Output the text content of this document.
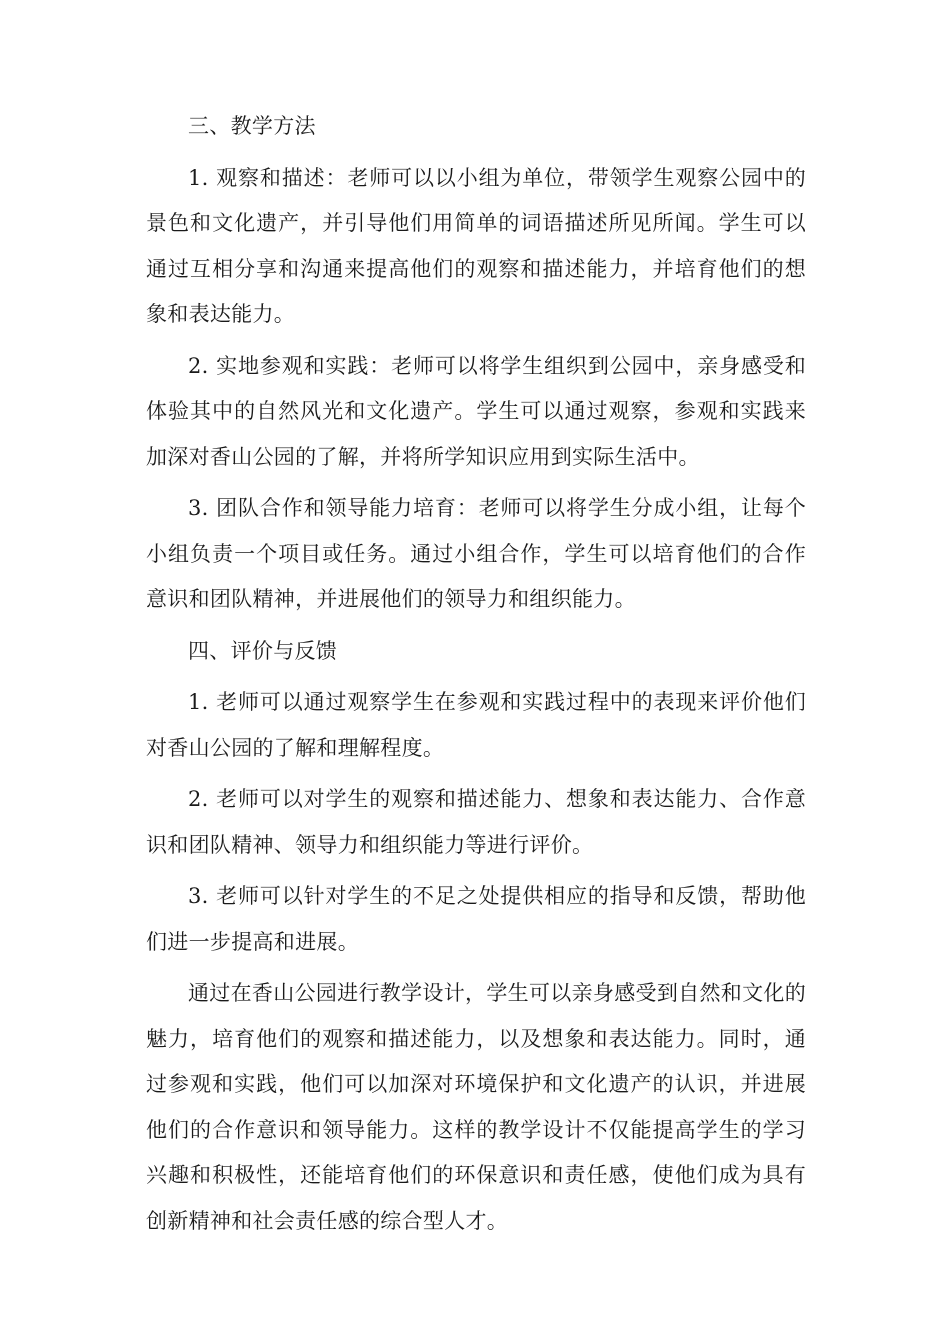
三、教学方法

1. 观察和描述：老师可以以小组为单位，带领学生观察公园中的景色和文化遗产，并引导他们用简单的词语描述所见所闻。学生可以通过互相分享和沟通来提高他们的观察和描述能力，并培育他们的想象和表达能力。

2. 实地参观和实践：老师可以将学生组织到公园中，亲身感受和体验其中的自然风光和文化遗产。学生可以通过观察，参观和实践来加深对香山公园的了解，并将所学知识应用到实际生活中。

3. 团队合作和领导能力培育：老师可以将学生分成小组，让每个小组负责一个项目或任务。通过小组合作，学生可以培育他们的合作意识和团队精神，并进展他们的领导力和组织能力。

四、评价与反馈

1. 老师可以通过观察学生在参观和实践过程中的表现来评价他们对香山公园的了解和理解程度。

2. 老师可以对学生的观察和描述能力、想象和表达能力、合作意识和团队精神、领导力和组织能力等进行评价。

3. 老师可以针对学生的不足之处提供相应的指导和反馈，帮助他们进一步提高和进展。

通过在香山公园进行教学设计，学生可以亲身感受到自然和文化的魅力，培育他们的观察和描述能力，以及想象和表达能力。同时，通过参观和实践，他们可以加深对环境保护和文化遗产的认识，并进展他们的合作意识和领导能力。这样的教学设计不仅能提高学生的学习兴趣和积极性，还能培育他们的环保意识和责任感，使他们成为具有创新精神和社会责任感的综合型人才。
